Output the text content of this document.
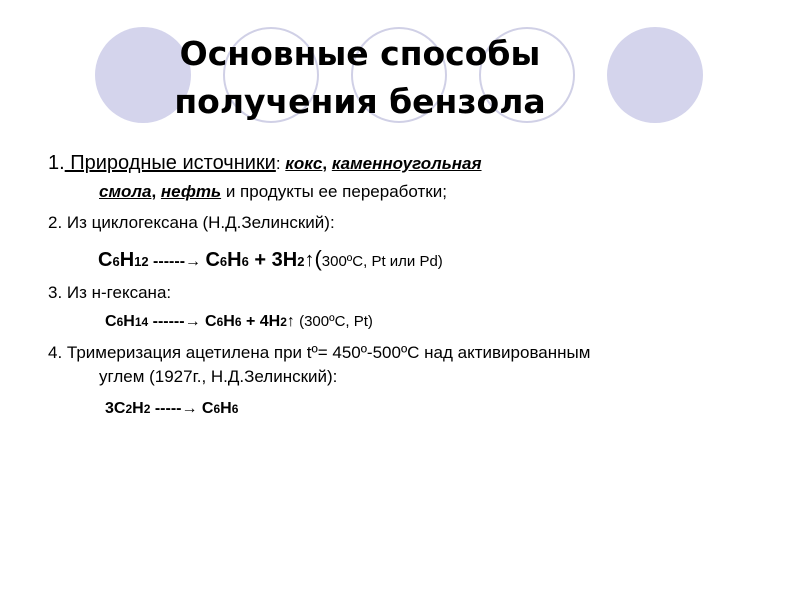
Основные способы
получения бензола
1. Природные источники: кокс, каменноугольная
смола, нефть и продукты ее переработки;
2. Из циклогексана (Н.Д.Зелинский):
C6H12 ------→ C6H6 + 3H2↑(300ºC, Pt или Pd)
3. Из н-гексана:
C6H14 ------→ C6H6 + 4H2↑ (300ºC, Pt)
4. Тримеризация ацетилена при tº= 450º-500ºC над активированным
углем (1927г., Н.Д.Зелинский):
3C2H2 -----→ C6H6
